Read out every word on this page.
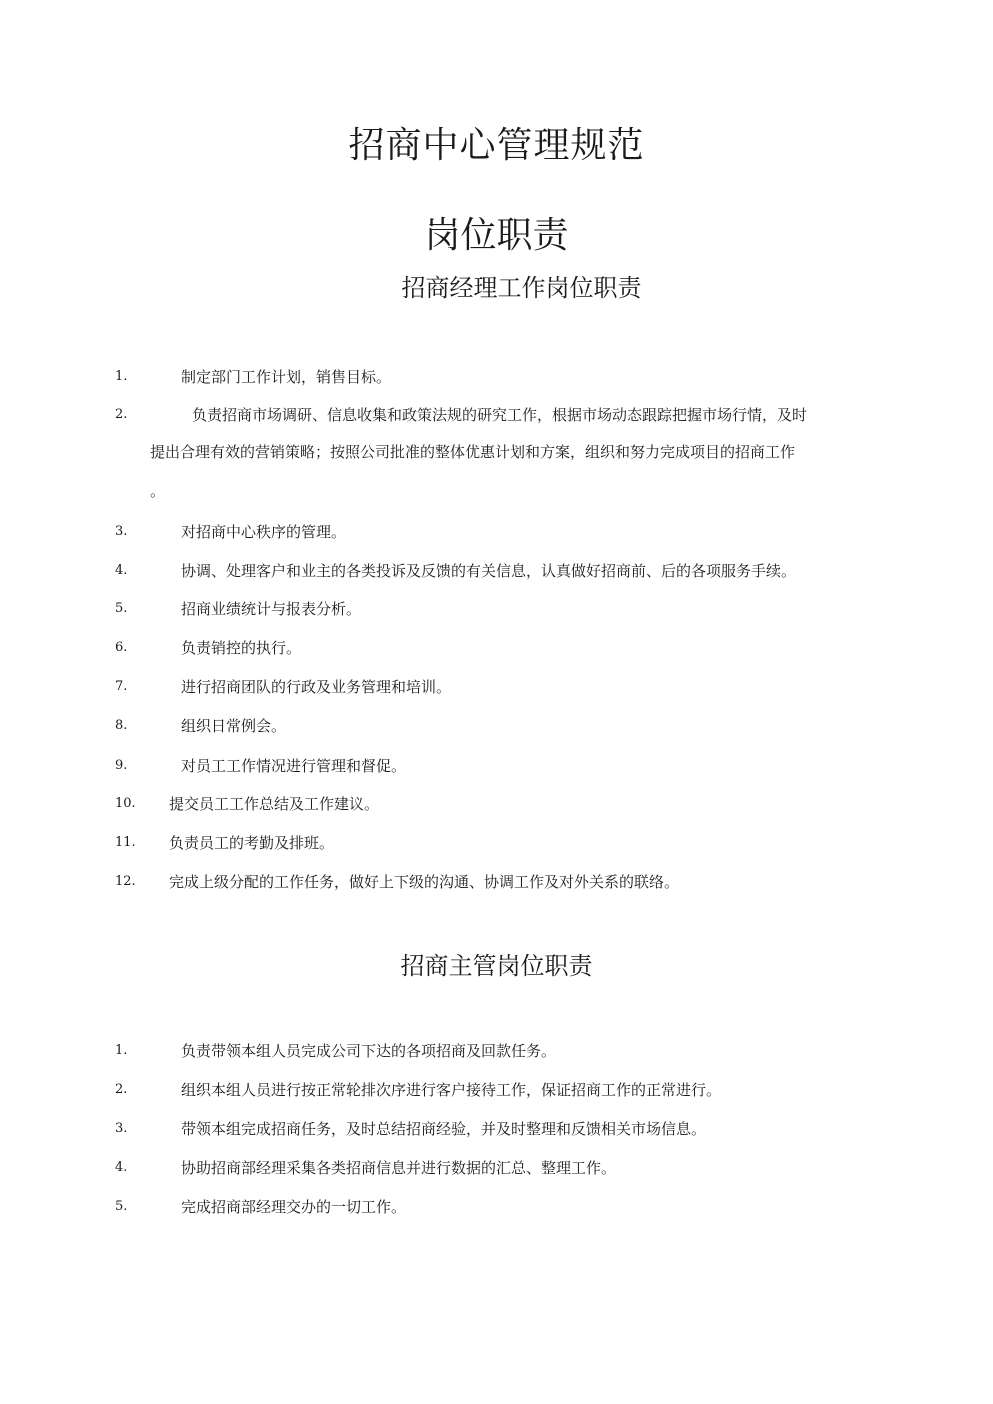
招商中心管理规范
岗位职责
招商经理工作岗位职责
1.	制定部门工作计划，销售目标。
2.	负责招商市场调研、信息收集和政策法规的研究工作，根据市场动态跟踪把握市场行情，及时
提出合理有效的营销策略；按照公司批准的整体优惠计划和方案，组织和努力完成项目的招商工作
。
3.	对招商中心秩序的管理。
4.	协调、处理客户和业主的各类投诉及反馈的有关信息，认真做好招商前、后的各项服务手续。
5.	招商业绩统计与报表分析。
6.	负责销控的执行。
7.	进行招商团队的行政及业务管理和培训。
8.	组织日常例会。
9.	对员工工作情况进行管理和督促。
10.	提交员工工作总结及工作建议。
11.	负责员工的考勤及排班。
12.	完成上级分配的工作任务，做好上下级的沟通、协调工作及对外关系的联络。
招商主管岗位职责
1.	负责带领本组人员完成公司下达的各项招商及回款任务。
2.	组织本组人员进行按正常轮排次序进行客户接待工作，保证招商工作的正常进行。
3.	带领本组完成招商任务，及时总结招商经验，并及时整理和反馈相关市场信息。
4.	协助招商部经理采集各类招商信息并进行数据的汇总、整理工作。
5.	完成招商部经理交办的一切工作。
